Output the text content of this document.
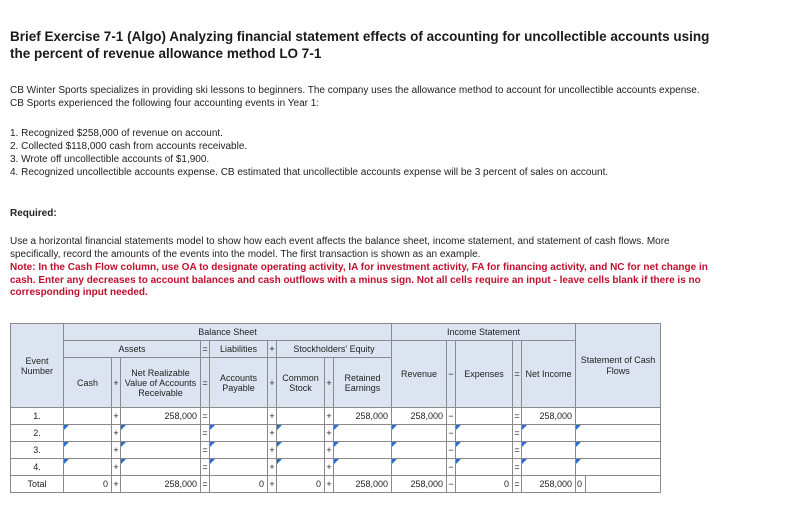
Brief Exercise 7-1 (Algo) Analyzing financial statement effects of accounting for uncollectible accounts using the percent of revenue allowance method LO 7-1
CB Winter Sports specializes in providing ski lessons to beginners. The company uses the allowance method to account for uncollectible accounts expense. CB Sports experienced the following four accounting events in Year 1:
1. Recognized $258,000 of revenue on account.
2. Collected $118,000 cash from accounts receivable.
3. Wrote off uncollectible accounts of $1,900.
4. Recognized uncollectible accounts expense. CB estimated that uncollectible accounts expense will be 3 percent of sales on account.
Required:
Use a horizontal financial statements model to show how each event affects the balance sheet, income statement, and statement of cash flows. More specifically, record the amounts of the events into the model. The first transaction is shown as an example.
Note: In the Cash Flow column, use OA to designate operating activity, IA for investment activity, FA for financing activity, and NC for net change in cash. Enter any decreases to account balances and cash outflows with a minus sign. Not all cells require an input - leave cells blank if there is no corresponding input needed.
Event Number	Balance Sheet									Income Statement					Statement of Cash Flows	
	Assets			=	Liabilities	+	Stockholders' Equity			Revenue	−	Expenses	=	Net Income		
	Cash	+	Net Realizable Value of Accounts Receivable	=	Accounts Payable	+	Common Stock	+	Retained Earnings							
1.		+	258,000	=		+		+	258,000	258,000	−		=	258,000		
2.		+		=		+		+			−		=			
3.		+		=		+		+			−		=			
4.		+		=		+		+			−		=			
Total	0	+	258,000	=	0	+	0	+	258,000	258,000	−	0	=	258,000	0	
